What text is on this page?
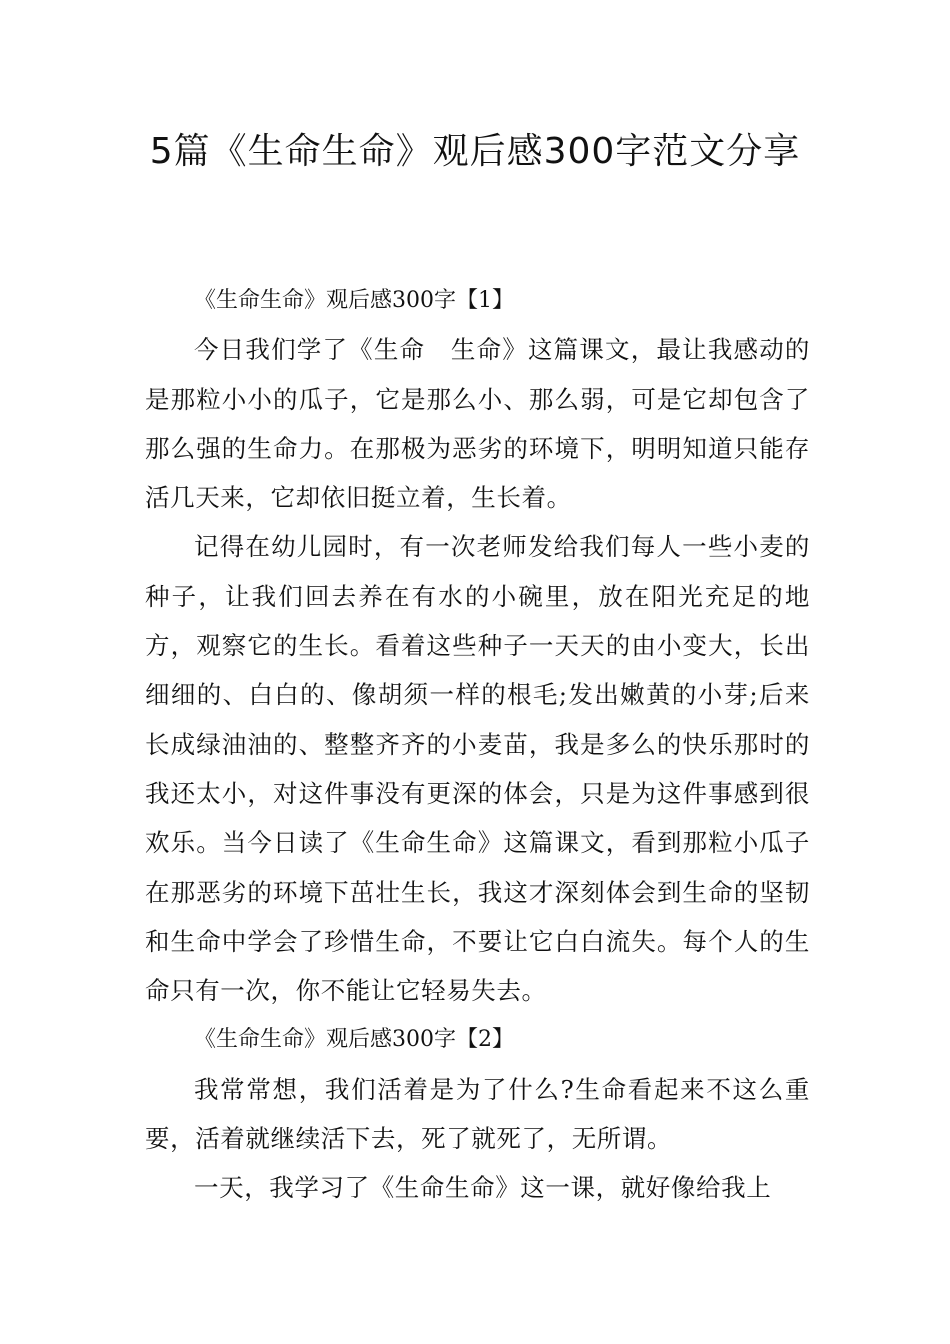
5篇《生命生命》观后感300字范文分享

《生命生命》观后感300字【1】

今日我们学了《生命　生命》这篇课文，最让我感动的是那粒小小的瓜子，它是那么小、那么弱，可是它却包含了那么强的生命力。在那极为恶劣的环境下，明明知道只能存活几天来，它却依旧挺立着，生长着。

记得在幼儿园时，有一次老师发给我们每人一些小麦的种子，让我们回去养在有水的小碗里，放在阳光充足的地方，观察它的生长。看着这些种子一天天的由小变大，长出细细的、白白的、像胡须一样的根毛;发出嫩黄的小芽;后来长成绿油油的、整整齐齐的小麦苗，我是多么的快乐那时的我还太小，对这件事没有更深的体会，只是为这件事感到很欢乐。当今日读了《生命生命》这篇课文，看到那粒小瓜子在那恶劣的环境下茁壮生长，我这才深刻体会到生命的坚韧和生命中学会了珍惜生命，不要让它白白流失。每个人的生命只有一次，你不能让它轻易失去。

《生命生命》观后感300字【2】

我常常想，我们活着是为了什么?生命看起来不这么重要，活着就继续活下去，死了就死了，无所谓。

一天，我学习了《生命生命》这一课，就好像给我上
